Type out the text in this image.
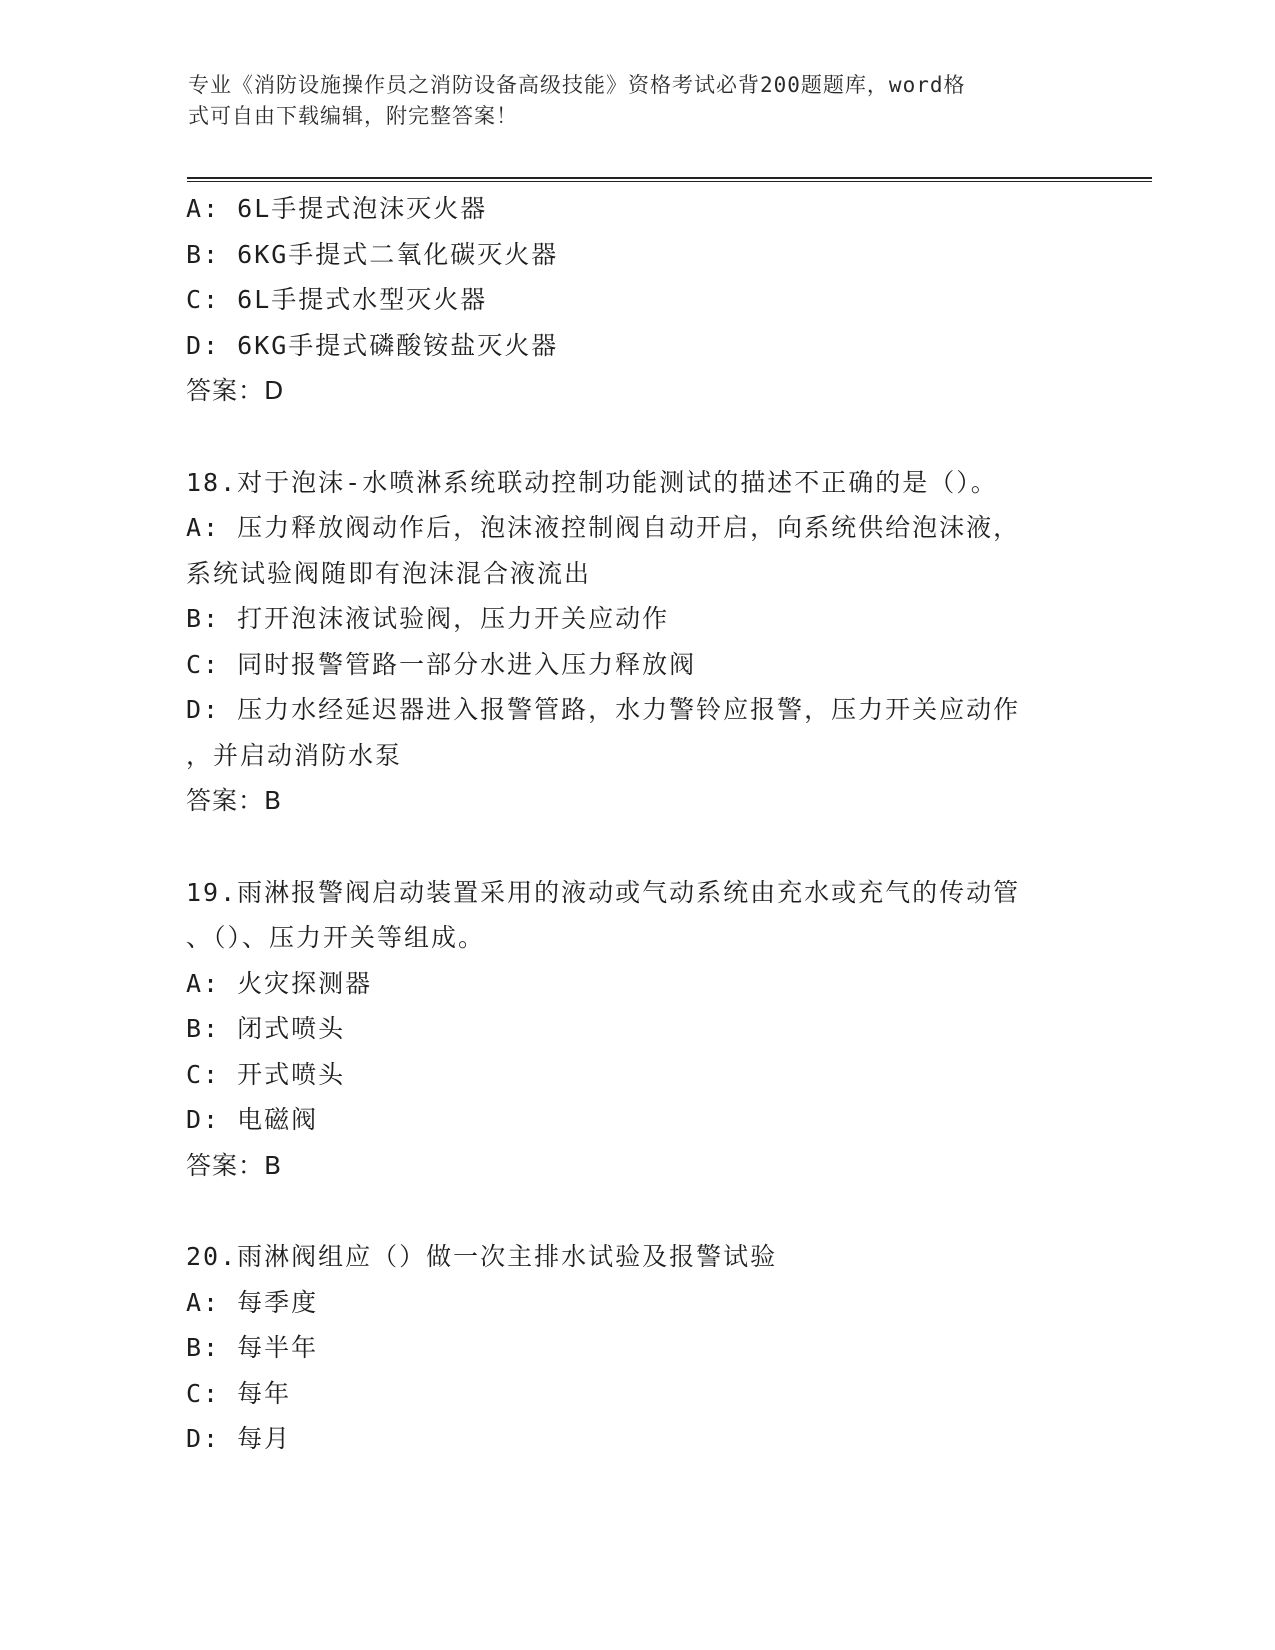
专业《消防设施操作员之消防设备高级技能》资格考试必背200题题库，word格
式可自由下载编辑，附完整答案！
A: 6L手提式泡沫灭火器
B: 6KG手提式二氧化碳灭火器
C: 6L手提式水型灭火器
D: 6KG手提式磷酸铵盐灭火器
答案：D
18.对于泡沫-水喷淋系统联动控制功能测试的描述不正确的是（）。
A: 压力释放阀动作后，泡沫液控制阀自动开启，向系统供给泡沫液，
系统试验阀随即有泡沫混合液流出
B: 打开泡沫液试验阀，压力开关应动作
C: 同时报警管路一部分水进入压力释放阀
D: 压力水经延迟器进入报警管路，水力警铃应报警，压力开关应动作
，并启动消防水泵
答案：B
19.雨淋报警阀启动装置采用的液动或气动系统由充水或充气的传动管
、（）、压力开关等组成。
A: 火灾探测器
B: 闭式喷头
C: 开式喷头
D: 电磁阀
答案：B
20.雨淋阀组应（）做一次主排水试验及报警试验
A: 每季度
B: 每半年
C: 每年
D: 每月
